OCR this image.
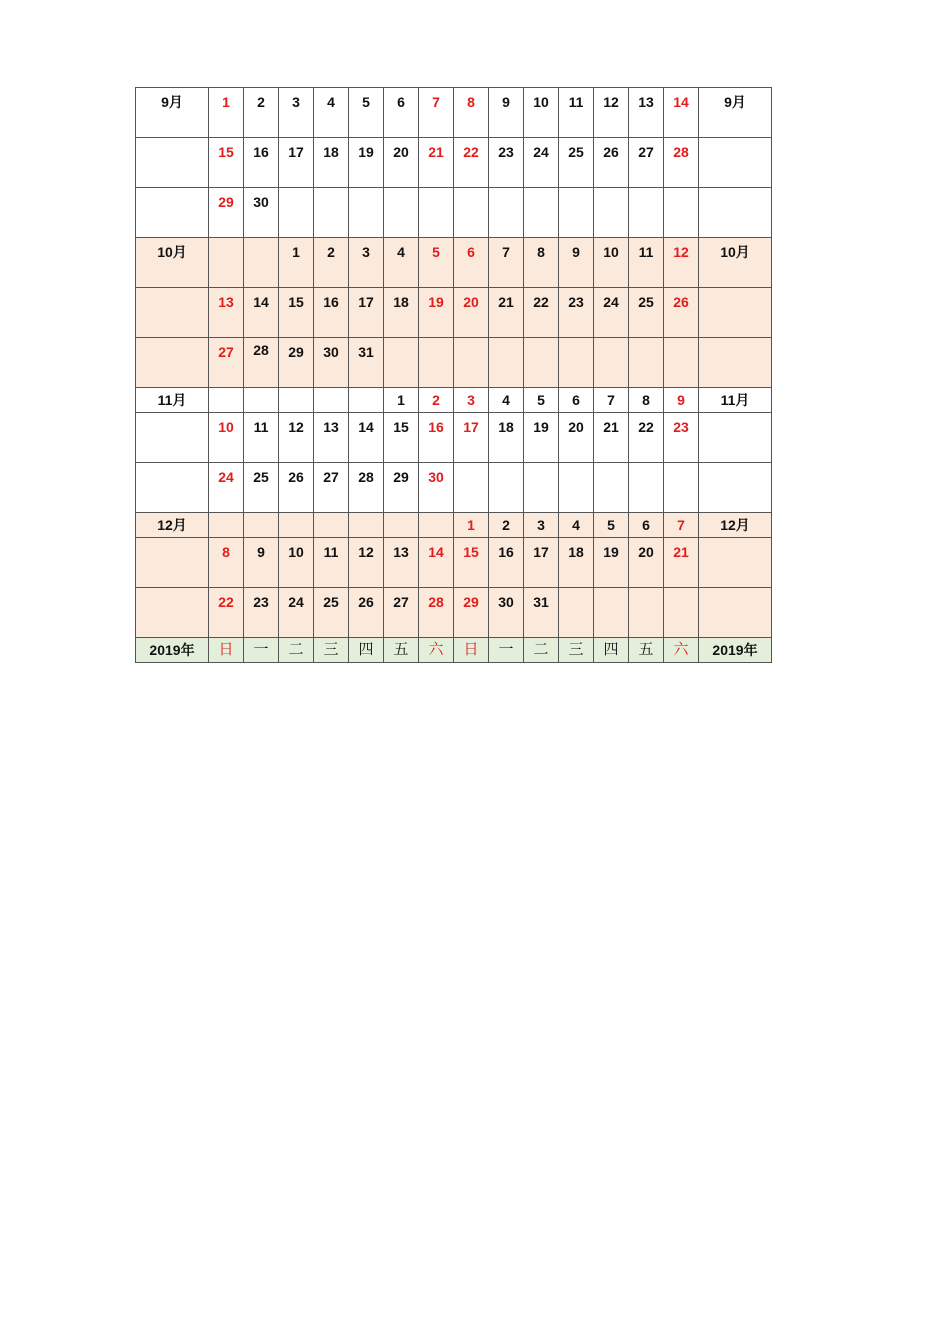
9月	1	2	3	4	5	6	7	8	9	10	11	12	13	14	9月

	15	16	17	18	19	20	21	22	23	24	25	26	27	28	

	29	30													

10月			1	2	3	4	5	6	7	8	9	10	11	12	10月

	13	14	15	16	17	18	19	20	21	22	23	24	25	26	

	27	28	29	30	31										

11月						1	2	3	4	5	6	7	8	9	11月

	10	11	12	13	14	15	16	17	18	19	20	21	22	23	

	24	25	26	27	28	29	30								

12月								1	2	3	4	5	6	7	12月

	8	9	10	11	12	13	14	15	16	17	18	19	20	21	

	22	23	24	25	26	27	28	29	30	31					

2019年	日	一	二	三	四	五	六	日	一	二	三	四	五	六	2019年
